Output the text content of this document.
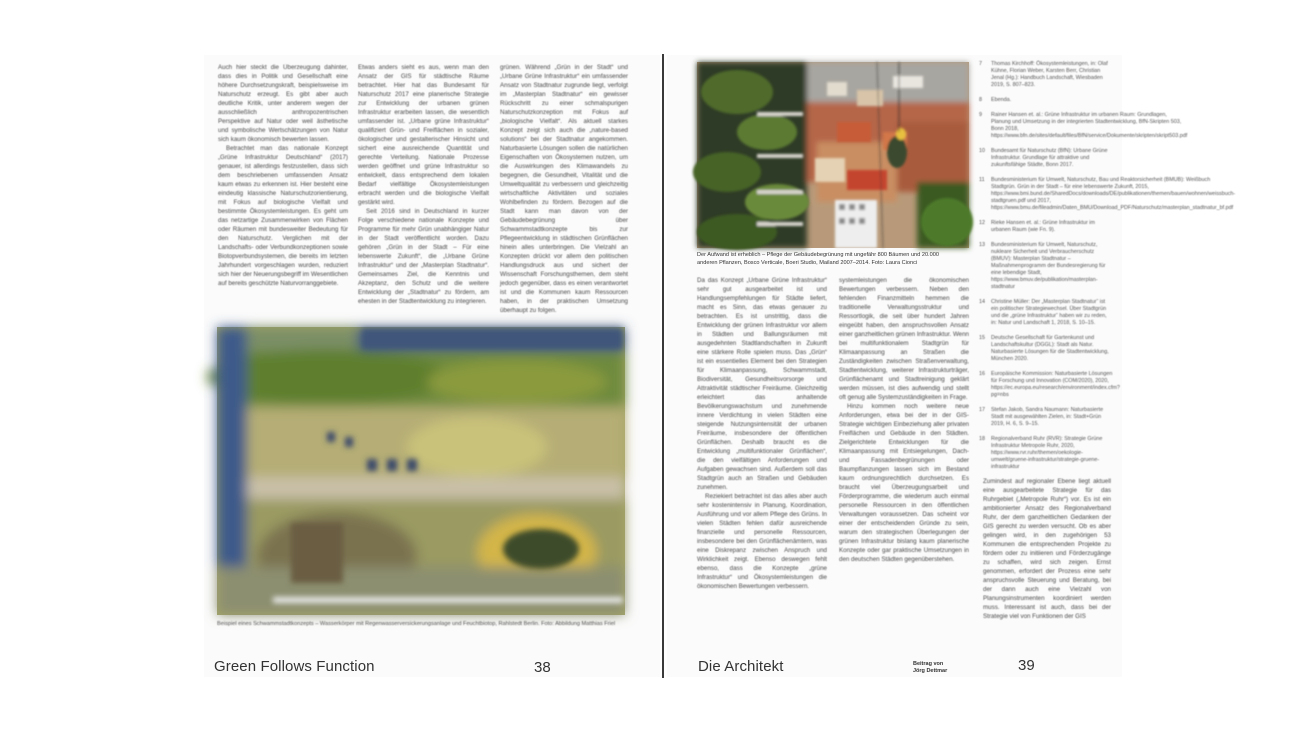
Auch hier steckt die Überzeugung dahinter, dass dies in Politik und Gesellschaft eine höhere Durchsetzungskraft, beispielsweise im Naturschutz erzeugt. Es gibt aber auch deutliche Kritik, unter anderem wegen der ausschließlich anthropozentrischen Perspektive auf Natur oder weil ästhetische und symbolische Wertschätzungen von Natur sich kaum ökonomisch bewerten lassen.

Betrachtet man das nationale Konzept „Grüne Infrastruktur Deutschland“ (2017) genauer, ist allerdings festzustellen, dass sich dem beschriebenen umfassenden Ansatz kaum etwas zu erkennen ist. Hier besteht eine eindeutig klassische Naturschutzorientierung, mit Fokus auf biologische Vielfalt und bestimmte Ökosystemleistungen. Es geht um das netzartige Zusammenwirken von Flächen oder Räumen mit bundesweiter Bedeutung für den Naturschutz. Verglichen mit der Landschafts- oder Verbundkonzeptionen sowie Biotopverbundsystemen, die bereits im letzten Jahrhundert vorgeschlagen wurden, reduziert sich hier der Neuerungsbegriff im Wesentlichen auf bereits geschützte Naturvorranggebiete.

Etwas anders sieht es aus, wenn man den Ansatz der GIS für städtische Räume betrachtet. Hier hat das Bundesamt für Naturschutz 2017 eine planerische Strategie zur Entwicklung der urbanen grünen Infrastruktur erarbeiten lassen, die wesentlich umfassender ist. „Urbane grüne Infrastruktur“ qualifiziert Grün- und Freiflächen in sozialer, ökologischer und gestalterischer Hinsicht und sichert eine ausreichende Quantität und gerechte Verteilung. Nationale Prozesse werden geöffnet und grüne Infrastruktur so entwickelt, dass entsprechend dem lokalen Bedarf vielfältige Ökosystemleistungen erbracht werden und die biologische Vielfalt gestärkt wird.

Seit 2016 sind in Deutschland in kurzer Folge verschiedene nationale Konzepte und Programme für mehr Grün unabhängiger Natur in der Stadt veröffentlicht worden. Dazu gehören „Grün in der Stadt – Für eine lebenswerte Zukunft“, die „Urbane Grüne Infrastruktur“ und der „Masterplan Stadtnatur“. Gemeinsames Ziel, die Kenntnis und Akzeptanz, den Schutz und die weitere Entwicklung der „Stadtnatur“ zu fördern, am ehesten in der Stadtentwicklung zu integrieren.

grünen. Während „Grün in der Stadt“ und „Urbane Grüne Infrastruktur“ ein umfassender Ansatz von Stadtnatur zugrunde liegt, verfolgt im „Masterplan Stadtnatur“ ein gewisser Rückschritt zu einer schmalspurigen Naturschutzkonzeption mit Fokus auf „biologische Vielfalt“. Als aktuell starkes Konzept zeigt sich auch die „nature-based solutions“ bei der Stadtnatur angekommen. Naturbasierte Lösungen sollen die natürlichen Eigenschaften von Ökosystemen nutzen, um die Auswirkungen des Klimawandels zu begegnen, die Gesundheit, Vitalität und die Umweltqualität zu verbessern und gleichzeitig wirtschaftliche Aktivitäten und soziales Wohlbefinden zu fördern. Bezogen auf die Stadt kann man davon von der Gebäudebegrünung über Schwammstadtkonzepte bis zur Pflegeentwicklung in städtischen Grünflächen hinein alles unterbringen. Die Vielzahl an Konzepten drückt vor allem den politischen Handlungsdruck aus und sichert der Wissenschaft Forschungsthemen, dem steht jedoch gegenüber, dass es einen verantwortet ist und die Kommunen kaum Ressourcen haben, in der praktischen Umsetzung überhaupt zu folgen.

Beispiel eines Schwammstadtkonzepts – Wasserkörper mit Regenwasserversickerungsanlage und Feuchtbiotop, Rahlstedt Berlin. Foto: Abbildung Matthias Friel
Green Follows Function	38
Der Aufwand ist erheblich – Pflege der Gebäudebegrünung mit ungefähr 800 Bäumen und 20.000 anderen Pflanzen, Bosco Verticale, Boeri Studio, Mailand 2007–2014. Foto: Laura Cionci

Da das Konzept „Urbane Grüne Infrastruktur“ sehr gut ausgearbeitet ist und Handlungsempfehlungen für Städte liefert, macht es Sinn, das etwas genauer zu betrachten. Es ist unstrittig, dass die Entwicklung der grünen Infrastruktur vor allem in Städten und Ballungsräumen mit ausgedehnten Stadtlandschaften in Zukunft eine stärkere Rolle spielen muss. Das „Grün“ ist ein essentielles Element bei den Strategien für Klimaanpassung, Schwammstadt, Biodiversität, Gesundheitsvorsorge und Attraktivität städtischer Freiräume. Gleichzeitig erleichtert das anhaltende Bevölkerungswachstum und zunehmende innere Verdichtung in vielen Städten eine steigende Nutzungsintensität der urbanen Freiräume, insbesondere der öffentlichen Grünflächen. Deshalb braucht es die Entwicklung „multifunktionaler Grünflächen“, die den vielfältigen Anforderungen und Aufgaben gewachsen sind. Außerdem soll das Stadtgrün auch an Straßen und Gebäuden zunehmen.

Reziekiert betrachtet ist das alles aber auch sehr kostenintensiv in Planung, Koordination, Ausführung und vor allem Pflege des Grüns. In vielen Städten fehlen dafür ausreichende finanzielle und personelle Ressourcen, insbesondere bei den Grünflächenämtern, was eine Diskrepanz zwischen Anspruch und Wirklichkeit zeigt. Ebenso deswegen fehlt ebenso, dass die Konzepte „grüne Infrastruktur“ und Ökosystemleistungen die ökonomischen Bewertungen verbessern.

systemleistungen die ökonomischen Bewertungen verbessern. Neben den fehlenden Finanzmitteln hemmen die traditionelle Verwaltungsstruktur und Ressortlogik, die seit über hundert Jahren eingeübt haben, den anspruchsvollen Ansatz einer ganzheitlichen grünen Infrastruktur. Wenn bei multifunktionalem Stadtgrün für Klimaanpassung an Straßen die Zuständigkeiten zwischen Straßenverwaltung, Stadtentwicklung, weiterer Infrastrukturträger, Grünflächenamt und Stadtreinigung geklärt werden müssen, ist dies aufwendig und stellt oft genug alle Systemzuständigkeiten in Frage.

Hinzu kommen noch weitere neue Anforderungen, etwa bei der in der GIS-Strategie wichtigen Einbeziehung aller privaten Freiflächen und Gebäude in den Städten. Zielgerichtete Entwicklungen für die Klimaanpassung mit Entsiegelungen, Dach- und Fassadenbegrünungen oder Baumpflanzungen lassen sich im Bestand kaum ordnungsrechtlich durchsetzen. Es braucht viel Überzeugungsarbeit und Förderprogramme, die wiederum auch einmal personelle Ressourcen in den öffentlichen Verwaltungen voraussetzen. Das scheint vor einer der entscheidenden Gründe zu sein, warum den strategischen Überlegungen der grünen Infrastruktur bislang kaum planerische Konzepte oder gar praktische Umsetzungen in den deutschen Städten gegenüberstehen.

7	Thomas Kirchhoff: Ökosystemleistungen, in: Olaf Kühne, Florian Weber, Karsten Berr, Christian Jenal (Hg.): Handbuch Landschaft, Wiesbaden 2019, S. 807–823.
8	Ebenda.
9	Rainer Hansen et. al.: Grüne Infrastruktur im urbanen Raum: Grundlagen, Planung und Umsetzung in der integrierten Stadtentwicklung, BfN-Skripten 503, Bonn 2018, https://www.bfn.de/sites/default/files/BfN/service/Dokumente/skripten/skript503.pdf
10	Bundesamt für Naturschutz (BfN): Urbane Grüne Infrastruktur. Grundlage für attraktive und zukunftsfähige Städte, Bonn 2017.
11	Bundesministerium für Umwelt, Naturschutz, Bau und Reaktorsicherheit (BMUB): Weißbuch Stadtgrün. Grün in der Stadt – für eine lebenswerte Zukunft, 2015, https://www.bmi.bund.de/SharedDocs/downloads/DE/publikationen/themen/bauen/wohnen/weissbuch-stadtgruen.pdf und 2017, https://www.bmu.de/fileadmin/Daten_BMU/Download_PDF/Naturschutz/masterplan_stadtnatur_bf.pdf
12	Rieke Hansen et. al.: Grüne Infrastruktur im urbanen Raum (wie Fn. 9).
13	Bundesministerium für Umwelt, Naturschutz, nukleare Sicherheit und Verbraucherschutz (BMUV): Masterplan Stadtnatur – Maßnahmenprogramm der Bundesregierung für eine lebendige Stadt, https://www.bmuv.de/publikation/masterplan-stadtnatur
14	Christine Müller: Der „Masterplan Stadtnatur“ ist ein politischer Strategiewechsel. Über Stadtgrün und die „grüne Infrastruktur“ haben wir zu reden, in: Natur und Landschaft 1, 2018, S. 10–15.
15	Deutsche Gesellschaft für Gartenkunst und Landschaftskultur (DGGL): Stadt als Natur. Naturbasierte Lösungen für die Stadtentwicklung, München 2020.
16	Europäische Kommission: Naturbasierte Lösungen für Forschung und Innovation (COM/2020), 2020, https://ec.europa.eu/research/environment/index.cfm?pg=nbs
17	Stefan Jakob, Sandra Naumann: Naturbasierte Stadt mit ausgewählten Zielen, in: Stadt+Grün 2019, H. 6, S. 9–15.
18	Regionalverband Ruhr (RVR): Strategie Grüne Infrastruktur Metropole Ruhr, 2020, https://www.rvr.ruhr/themen/oekologie-umwelt/gruene-infrastruktur/strategie-gruene-infrastruktur

Zumindest auf regionaler Ebene liegt aktuell eine ausgearbeitete Strategie für das Ruhrgebiet („Metropole Ruhr“) vor. Es ist ein ambitionierter Ansatz des Regionalverband Ruhr, der dem ganzheitlichen Gedanken der GIS gerecht zu werden versucht. Ob es aber gelingen wird, in den zugehörigen 53 Kommunen die entsprechenden Projekte zu fördern oder zu initiieren und Förderzugänge zu schaffen, wird sich zeigen. Ernst genommen, erfordert der Prozess eine sehr anspruchsvolle Steuerung und Beratung, bei der dann auch eine Vielzahl von Planungsinstrumenten koordiniert werden muss. Interessant ist auch, dass bei der Strategie viel von Funktionen der GIS

Die Architekt	Beitrag von
Jörg Dettmar	39
